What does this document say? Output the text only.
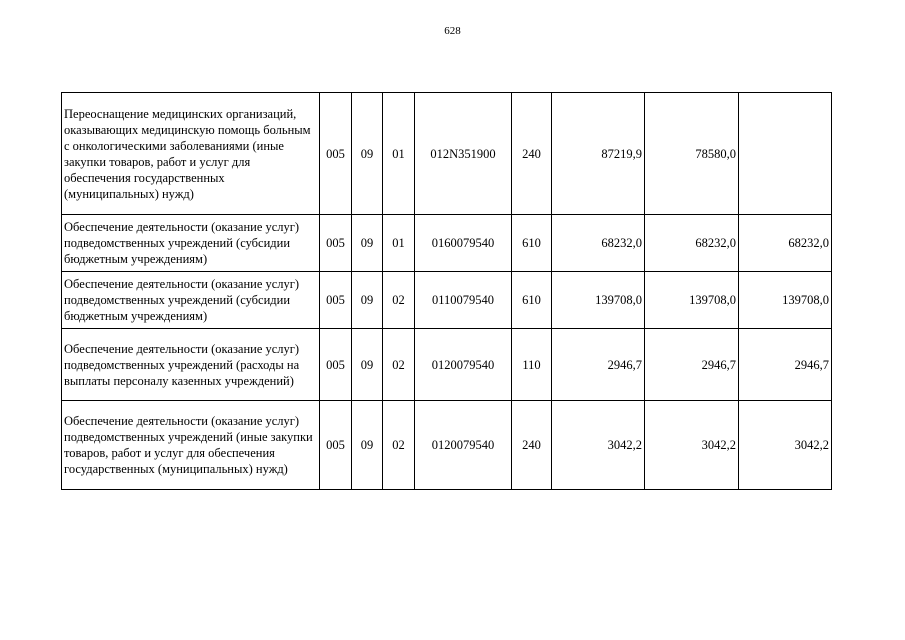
628
Переоснащение медицинских организаций, оказывающих медицинскую помощь больным с онкологическими заболеваниями (иные закупки товаров, работ и услуг для обеспечения государственных (муниципальных) нужд)	005	09	01	012N351900	240	87219,9	78580,0	
Обеспечение деятельности (оказание услуг) подведомственных учреждений (субсидии бюджетным учреждениям)	005	09	01	0160079540	610	68232,0	68232,0	68232,0
Обеспечение деятельности (оказание услуг) подведомственных учреждений (субсидии бюджетным учреждениям)	005	09	02	0110079540	610	139708,0	139708,0	139708,0
Обеспечение деятельности (оказание услуг) подведомственных учреждений (расходы на выплаты персоналу казенных учреждений)	005	09	02	0120079540	110	2946,7	2946,7	2946,7
Обеспечение деятельности (оказание услуг) подведомственных учреждений (иные закупки товаров, работ и услуг для обеспечения государственных (муниципальных) нужд)	005	09	02	0120079540	240	3042,2	3042,2	3042,2
